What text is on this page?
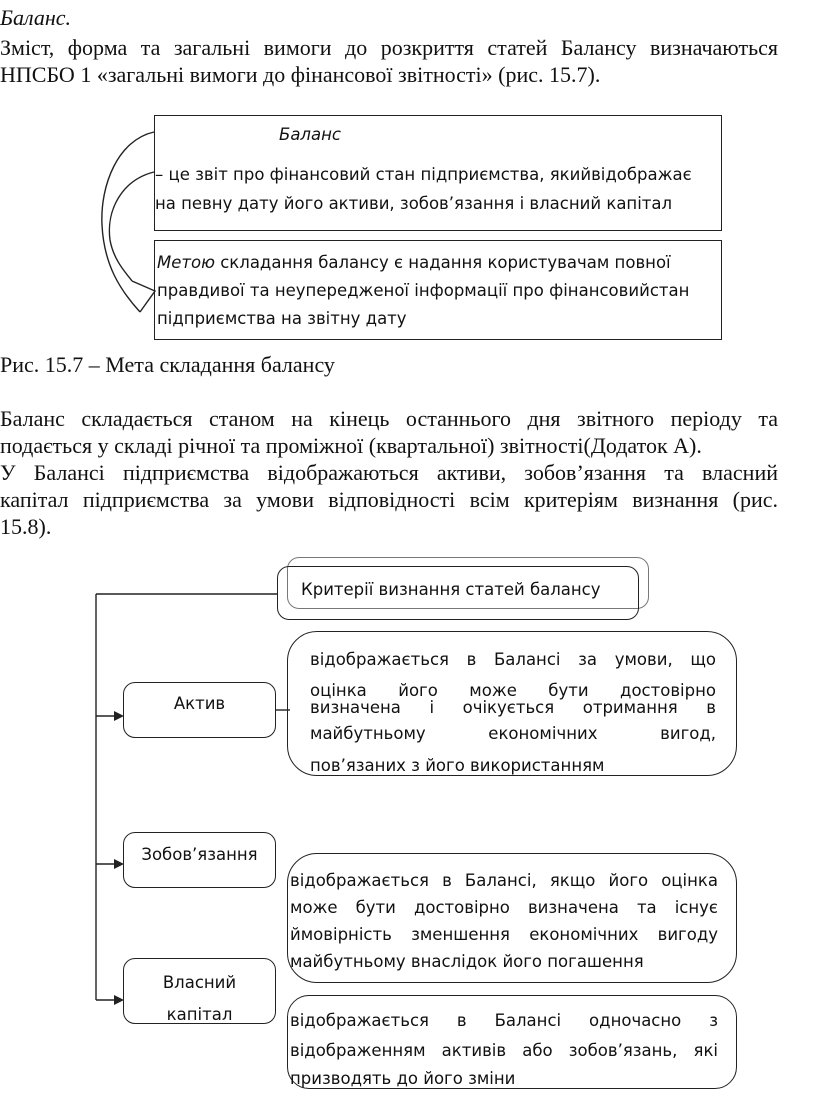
Баланс.

Зміст, форма та загальні вимоги до розкриття статей Балансу визначаються

НПСБО 1 «загальні вимоги до фінансової звітності» (рис. 15.7).

Баланс
– це звіт про фінансовий стан підприємства, якийвідображає
на певну дату його активи, зобов’язання і власний капітал
Метою складання балансу є надання користувачам повної
правдивої та неупередженої інформації про фінансовийстан
підприємства на звітну дату
Рис. 15.7 – Мета складання балансу

Баланс складається станом на кінець останнього дня звітного періоду та

подається у складі річної та проміжної (квартальної) звітності(Додаток А).

У Балансі підприємства відображаються активи, зобов’язання та власний

капітал підприємства за умови відповідності всім критеріям визнання (рис.

15.8).

Критерії визнання статей балансу
Актив
відображається в Балансі за умови, що
оцінка його може бути достовірно
визначена і очікується отримання в
майбутньому економічних вигод,
пов’язаних з його використанням
Зобов’язання
відображається в Балансі, якщо його оцінка
може бути достовірно визначена та існує
ймовірність зменшення економічних вигоду
майбутньому внаслідок його погашення
Власний
капітал	відображається в Балансі одночасно з
відображенням активів або зобов’язань, які
призводять до його зміни
